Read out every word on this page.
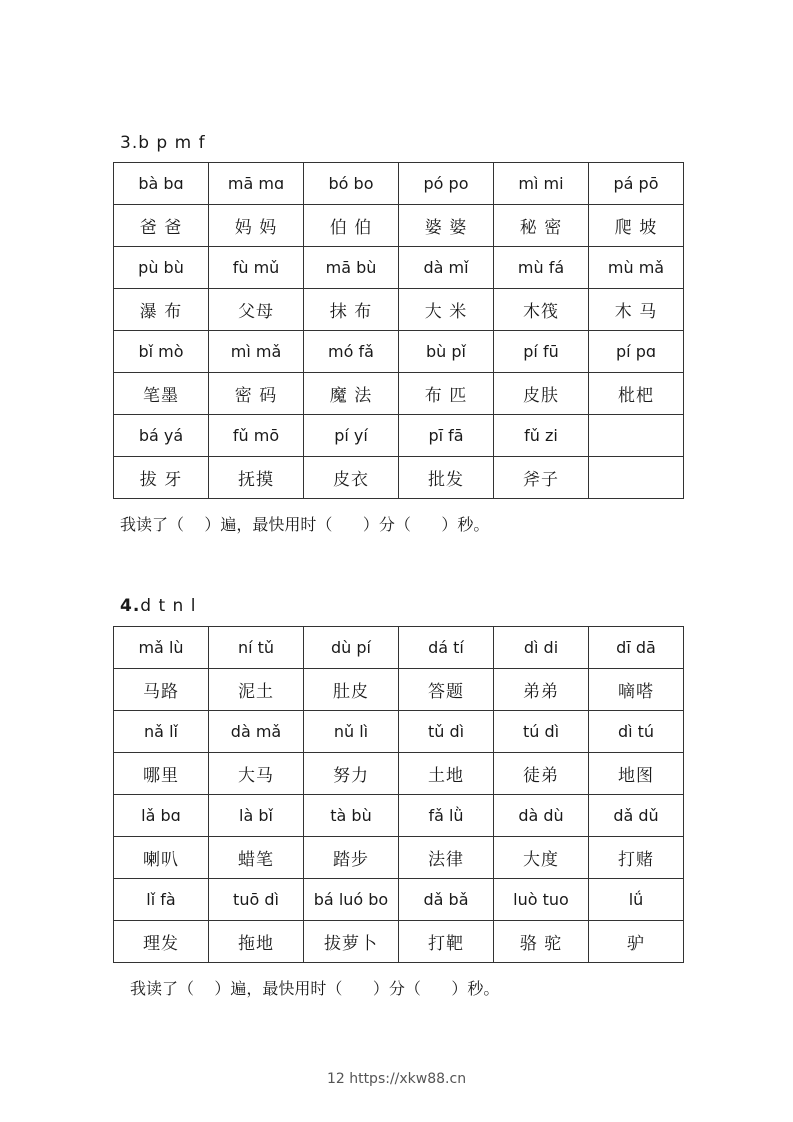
3.b p m f
bà bɑ	mā mɑ	bó bo	pó po	mì mi	pá pō
爸 爸	妈 妈	伯 伯	婆 婆	秘 密	爬 坡
pù bù	fù mǔ	mā bù	dà mǐ	mù fá	mù mǎ
瀑 布	父母	抹 布	大 米	木筏	木 马
bǐ mò	mì mǎ	mó fǎ	bù pǐ	pí fū	pí pɑ
笔墨	密 码	魔 法	布 匹	皮肤	枇杷
bá yá	fǔ mō	pí yí	pī fā	fǔ zi	
拔 牙	抚摸	皮衣	批发	斧子	
我读了（    ）遍，最快用时（      ）分（      ）秒。
4.d t n l
mǎ lù	ní tǔ	dù pí	dá tí	dì di	dī dā
马路	泥土	肚皮	答题	弟弟	嘀嗒
nǎ lǐ	dà mǎ	nǔ lì	tǔ dì	tú dì	dì tú
哪里	大马	努力	土地	徒弟	地图
lǎ bɑ	là bǐ	tà bù	fǎ lǜ	dà dù	dǎ dǔ
喇叭	蜡笔	踏步	法律	大度	打赌
lǐ fà	tuō dì	bá luó bo	dǎ bǎ	luò tuo	lǘ
理发	拖地	拔萝卜	打靶	骆 驼	驴
我读了（    ）遍，最快用时（      ）分（      ）秒。
12 https://xkw88.cn
